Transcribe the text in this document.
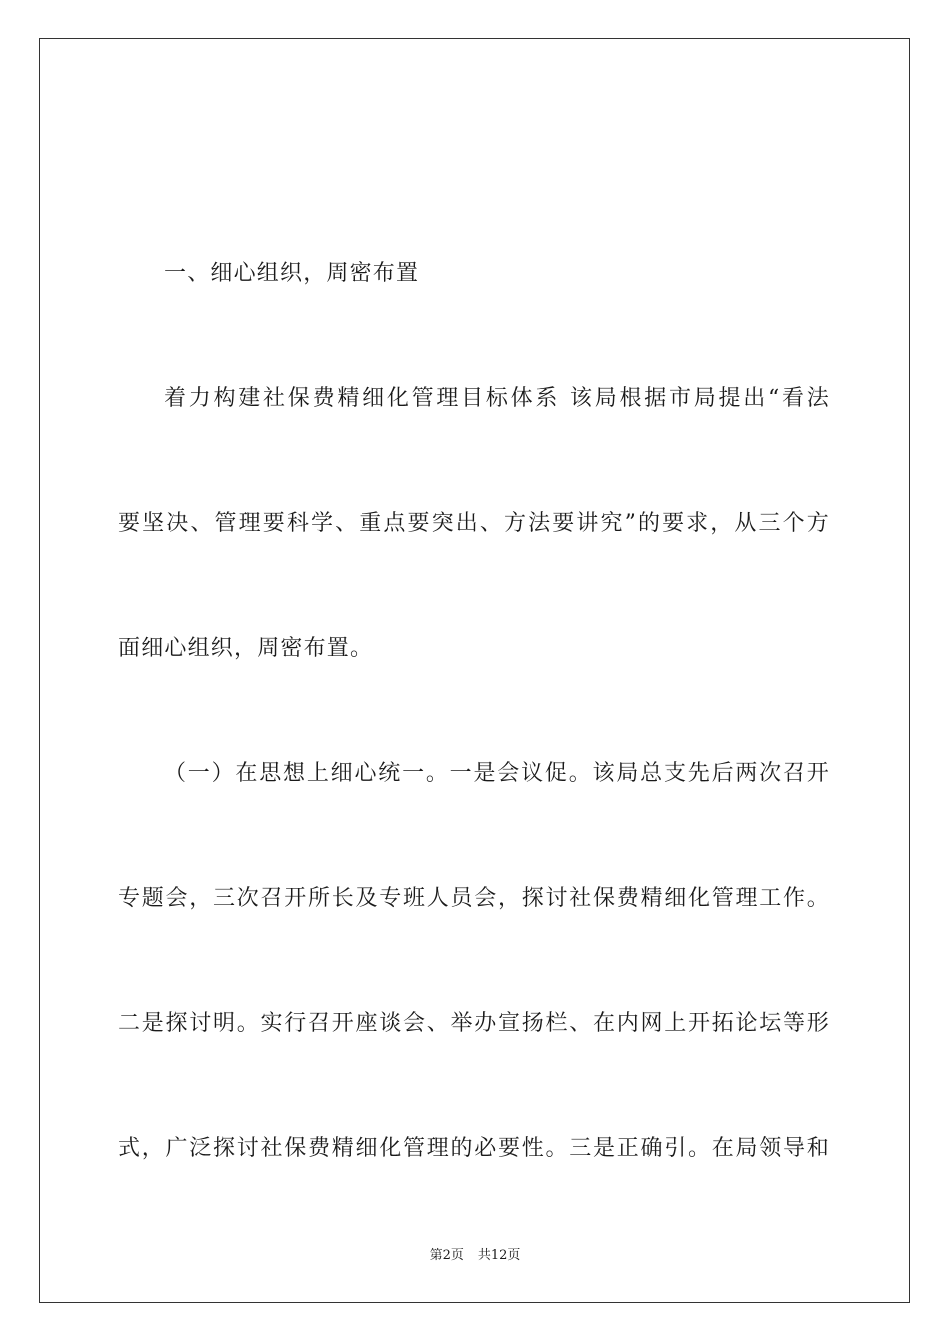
一、细心组织，周密布置
着力构建社保费精细化管理目标体系 该局根据市局提出“看法
要坚决、管理要科学、重点要突出、方法要讲究”的要求，从三个方
面细心组织，周密布置。
（一）在思想上细心统一。一是会议促。该局总支先后两次召开
专题会，三次召开所长及专班人员会，探讨社保费精细化管理工作。
二是探讨明。实行召开座谈会、举办宣扬栏、在内网上开拓论坛等形
式，广泛探讨社保费精细化管理的必要性。三是正确引。在局领导和
第2页 共12页
